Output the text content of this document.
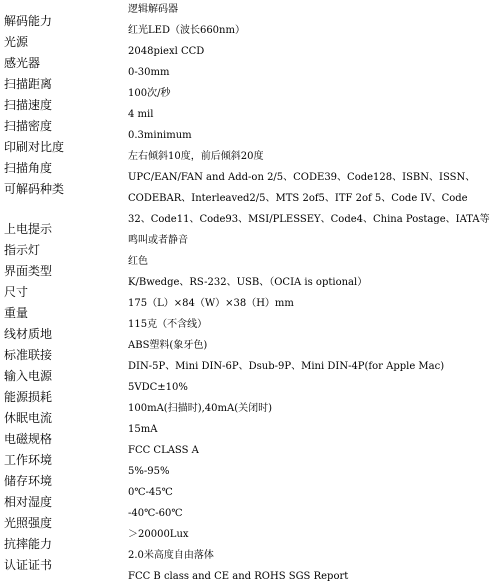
解码能力
逻辑解码器
光源
红光LED（波长660nm）
感光器
2048piexl CCD
扫描距离
0-30mm
扫描速度
100次/秒
扫描密度
4 mil
印刷对比度
0.3minimum
扫描角度
左右倾斜10度，前后倾斜20度
可解码种类
UPC/EAN/FAN and Add-on 2/5、CODE39、Code128、ISBN、ISSN、
CODEBAR、Interleaved2/5、MTS 2of5、ITF 2of 5、Code IV、Code
上电提示
32、Code11、Code93、MSI/PLESSEY、Code4、China Postage、IATA等
指示灯
鸣叫或者静音
界面类型
红色
尺寸
K/Bwedge、RS-232、USB、（OCIA is optional）
重量
175（L）×84（W）×38（H）mm
线材质地
115克（不含线）
标准联接
ABS塑料(象牙色)
输入电源
DIN-5P、Mini DIN-6P、Dsub-9P、Mini DIN-4P(for Apple Mac)
能源损耗
5VDC±10%
休眠电流
100mA(扫描时),40mA(关闭时)
电磁规格
15mA
工作环境
FCC CLASS A
储存环境
5%-95%
相对湿度
0℃-45℃
光照强度
-40℃-60℃
抗摔能力
＞20000Lux
认证证书
2.0米高度自由落体
FCC B class and CE and ROHS SGS Report
